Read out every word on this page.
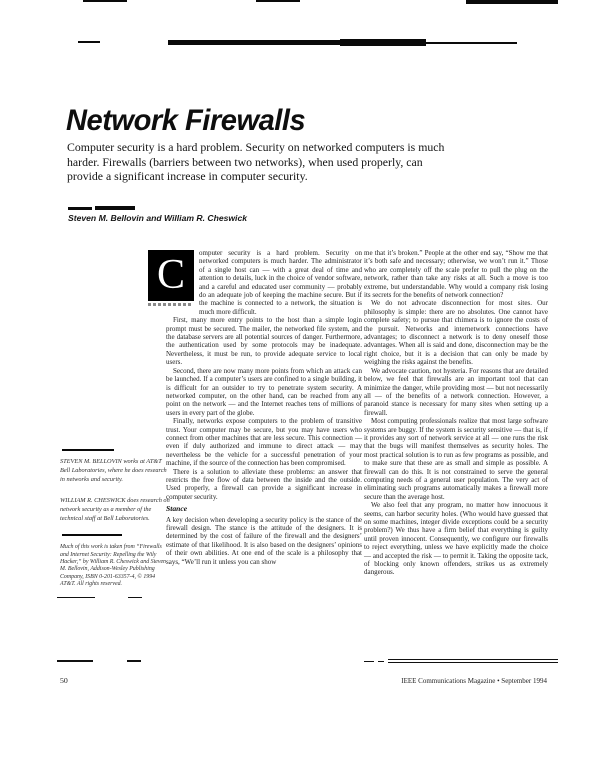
Network Firewalls
Computer security is a hard problem. Security on networked computers is much harder. Firewalls (barriers between two networks), when used properly, can provide a significant increase in computer security.
Steven M. Bellovin and William R. Cheswick

STEVEN M. BELLOVIN works at AT&T Bell Laboratories, where he does research in networks and security.

WILLIAM R. CHESWICK does research on network security as a member of the technical staff at Bell Laboratories.

Much of this work is taken from “Firewalls and Internet Security: Repelling the Wily Hacker,” by William R. Cheswick and Steven M. Bellovin, Addison-Wesley Publishing Company, ISBN 0-201-63357-4, © 1994 AT&T. All rights reserved.

C	omputer security is a hard problem. Security on networked computers is much harder. The administrator of a single host can — with a great deal of time and attention to details, luck in the choice of vendor software, and a careful and educated user community — probably do an adequate job of keeping the machine secure. But if the machine is connected to a network, the situation is much more difficult.

First, many more entry points to the host than a simple login prompt must be secured. The mailer, the networked file system, and the database servers are all potential sources of danger. Furthermore, the authentication used by some protocols may be inadequate. Nevertheless, it must be run, to provide adequate service to local users.

Second, there are now many more points from which an attack can be launched. If a computer’s users are confined to a single building, it is difficult for an outsider to try to penetrate system security. A networked computer, on the other hand, can be reached from any point on the network — and the Internet reaches tens of millions of users in every part of the globe.

Finally, networks expose computers to the problem of transitive trust. Your computer may be secure, but you may have users who connect from other machines that are less secure. This connection — even if duly authorized and immune to direct attack — may nevertheless be the vehicle for a successful penetration of your machine, if the source of the connection has been compromised.

There is a solution to alleviate these problems: an answer that restricts the free flow of data between the inside and the outside. Used properly, a firewall can provide a significant increase in computer security.

Stance

A key decision when developing a security policy is the stance of the firewall design. The stance is the attitude of the designers. It is determined by the cost of failure of the firewall and the designers’ estimate of that likelihood. It is also based on the designers’ opinions of their own abilities. At one end of the scale is a philosophy that says, “We’ll run it unless you can show

me that it’s broken.” People at the other end say, “Show me that it’s both safe and necessary; otherwise, we won’t run it.” Those who are completely off the scale prefer to pull the plug on the network, rather than take any risks at all. Such a move is too extreme, but understandable. Why would a company risk losing its secrets for the benefits of network connection?

We do not advocate disconnection for most sites. Our philosophy is simple: there are no absolutes. One cannot have complete safety; to pursue that chimera is to ignore the costs of the pursuit. Networks and internetwork connections have advantages; to disconnect a network is to deny oneself those advantages. When all is said and done, disconnection may be the right choice, but it is a decision that can only be made by weighing the risks against the benefits.

We advocate caution, not hysteria. For reasons that are detailed below, we feel that firewalls are an important tool that can minimize the danger, while providing most — but not necessarily all — of the benefits of a network connection. However, a paranoid stance is necessary for many sites when setting up a firewall.

Most computing professionals realize that most large software systems are buggy. If the system is security sensitive — that is, if it provides any sort of network service at all — one runs the risk that the bugs will manifest themselves as security holes. The most practical solution is to run as few programs as possible, and to make sure that these are as small and simple as possible. A firewall can do this. It is not constrained to serve the general computing needs of a general user population. The very act of eliminating such programs automatically makes a firewall more secure than the average host.

We also feel that any program, no matter how innocuous it seems, can harbor security holes. (Who would have guessed that on some machines, integer divide exceptions could be a security problem?) We thus have a firm belief that everything is guilty until proven innocent. Consequently, we configure our firewalls to reject everything, unless we have explicitly made the choice — and accepted the risk — to permit it. Taking the opposite tack, of blocking only known offenders, strikes us as extremely dangerous.

50	IEEE Communications Magazine • September 1994
